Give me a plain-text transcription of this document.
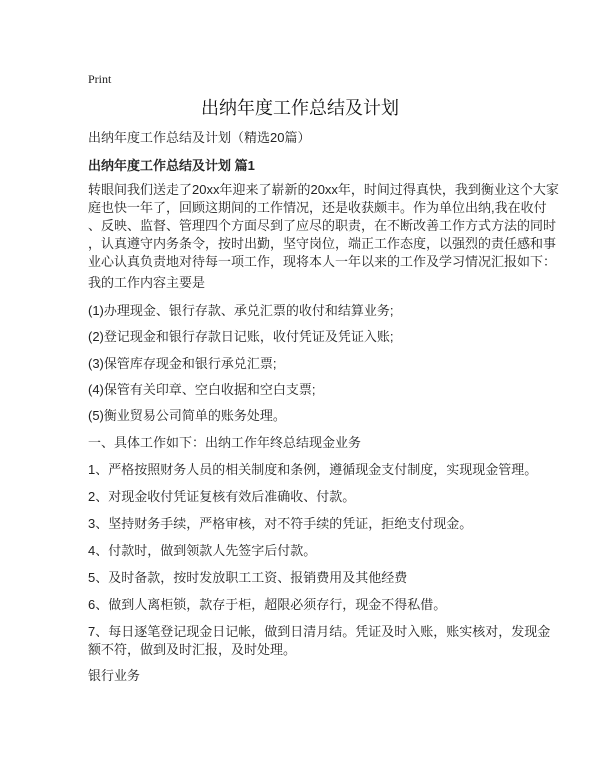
Print
出纳年度工作总结及计划
出纳年度工作总结及计划（精选20篇）
出纳年度工作总结及计划 篇1
转眼间我们送走了20xx年迎来了崭新的20xx年，时间过得真快，我到衡业这个大家
庭也快一年了，回顾这期间的工作情况，还是收获颇丰。作为单位出纳,我在收付
、反映、监督、管理四个方面尽到了应尽的职责，在不断改善工作方式方法的同时
，认真遵守内务条令，按时出勤，坚守岗位，端正工作态度，以强烈的责任感和事
业心认真负责地对待每一项工作，现将本人一年以来的工作及学习情况汇报如下：
我的工作内容主要是
(1)办理现金、银行存款、承兑汇票的收付和结算业务;
(2)登记现金和银行存款日记账，收付凭证及凭证入账;
(3)保管库存现金和银行承兑汇票;
(4)保管有关印章、空白收据和空白支票;
(5)衡业贸易公司简单的账务处理。
一、具体工作如下：出纳工作年终总结现金业务
1、严格按照财务人员的相关制度和条例，遵循现金支付制度，实现现金管理。
2、对现金收付凭证复核有效后准确收、付款。
3、坚持财务手续，严格审核，对不符手续的凭证，拒绝支付现金。
4、付款时，做到领款人先签字后付款。
5、及时备款，按时发放职工工资、报销费用及其他经费
6、做到人离柜锁，款存于柜，超限必须存行，现金不得私借。
7、每日逐笔登记现金日记帐，做到日清月结。凭证及时入账，账实核对，发现金
额不符，做到及时汇报，及时处理。
银行业务
